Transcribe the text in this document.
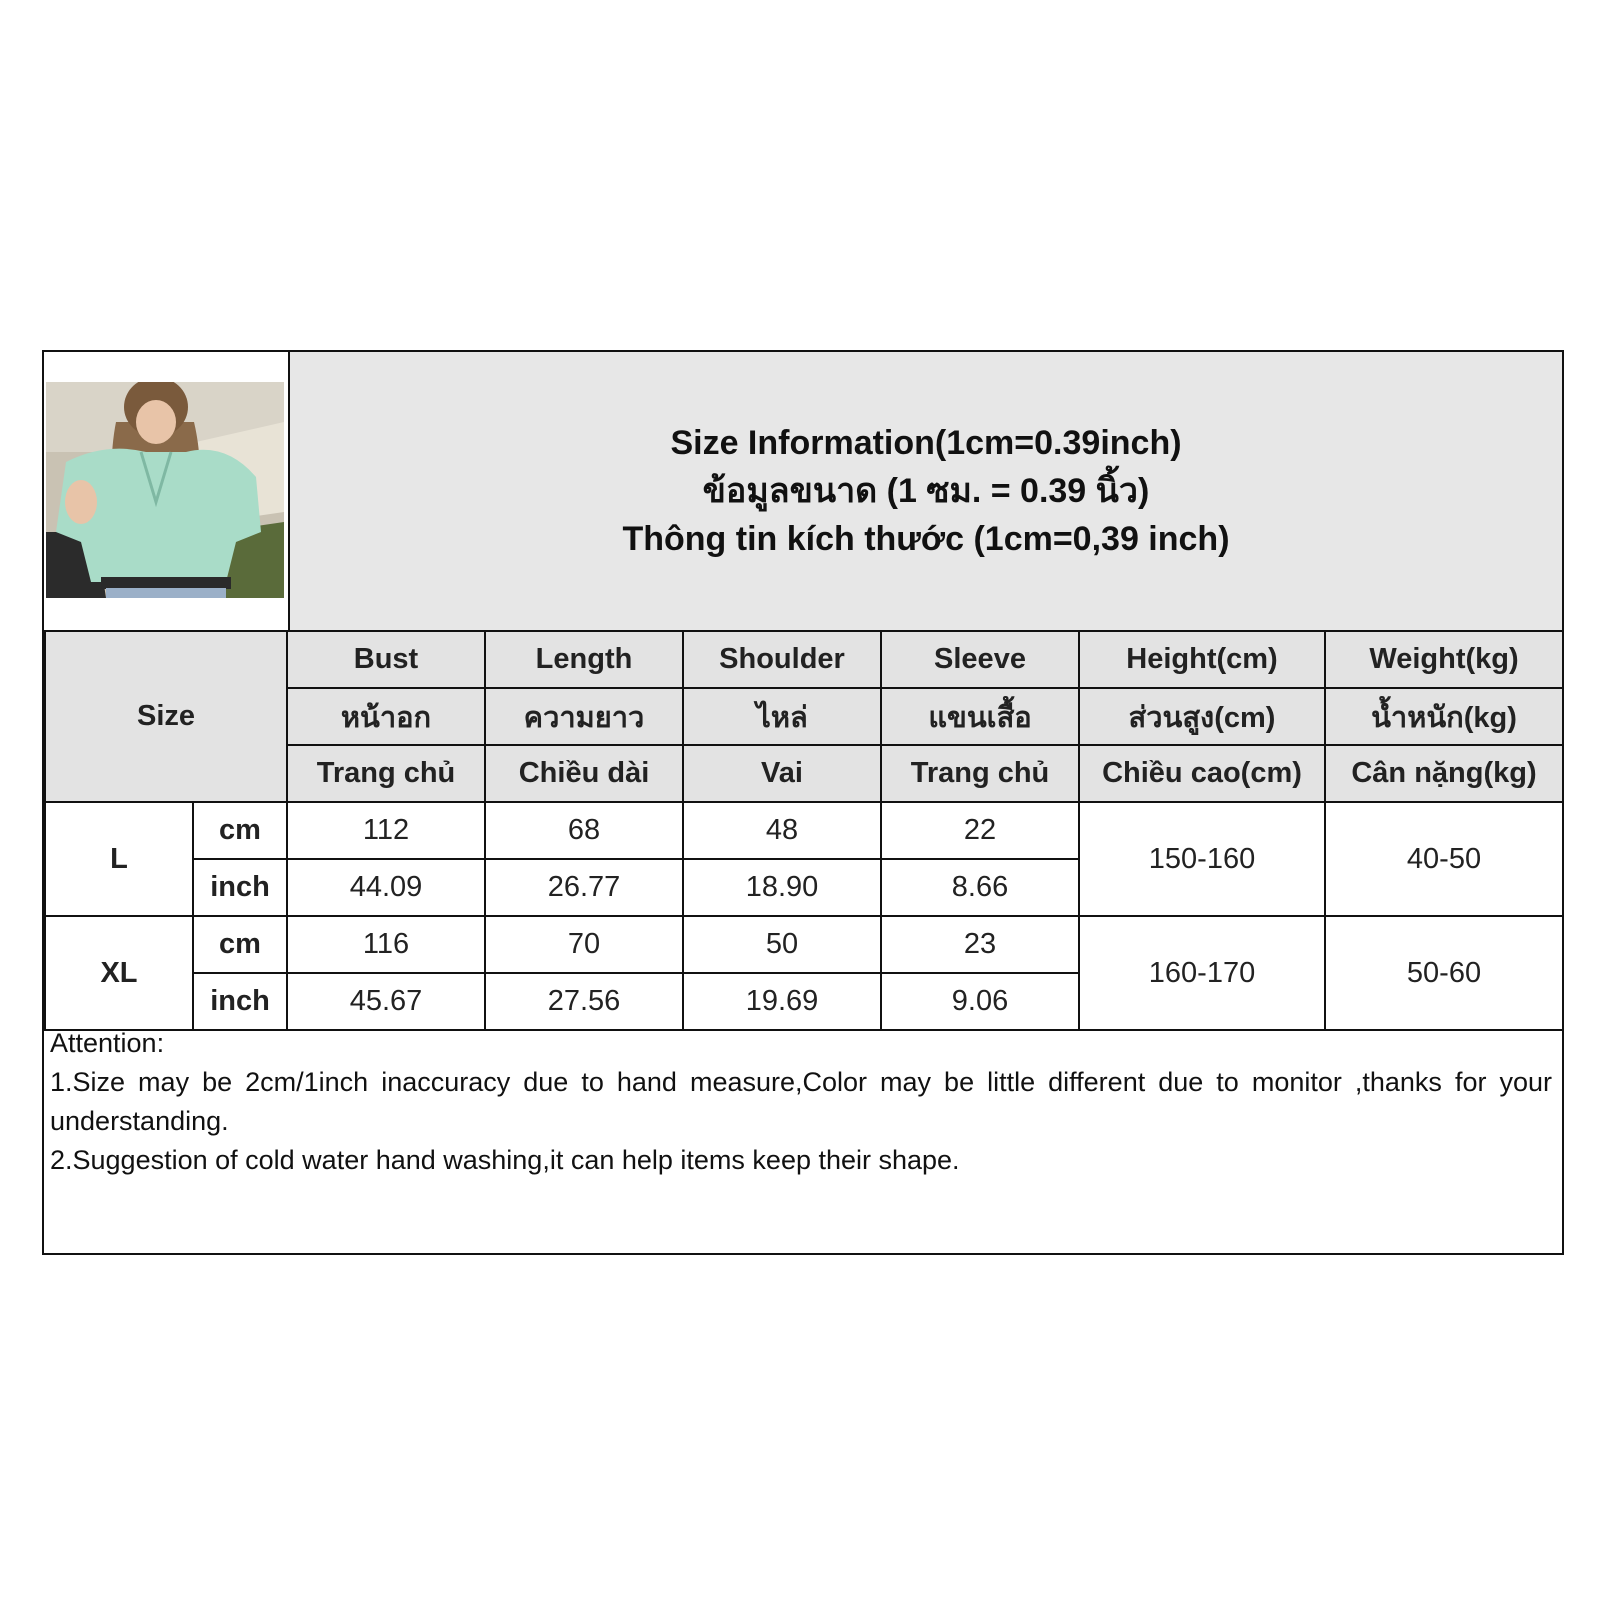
Size Information(1cm=0.39inch)
ข้อมูลขนาด (1 ซม. = 0.39 นิ้ว)
Thông tin kích thước (1cm=0,39 inch)
Size		Bust	Length	Shoulder	Sleeve	Height(cm)	Weight(kg)
		หน้าอก	ความยาว	ไหล่	แขนเสื้อ	ส่วนสูง(cm)	น้ำหนัก(kg)
		Trang chủ	Chiều dài	Vai	Trang chủ	Chiều cao(cm)	Cân nặng(kg)
L	cm	112	68	48	22	150-160	40-50
	inch	44.09	26.77	18.90	8.66		
XL	cm	116	70	50	23	160-170	50-60
	inch	45.67	27.56	19.69	9.06		
Attention:
1.Size may be 2cm/1inch inaccuracy due to hand measure,Color may be little different due to monitor ,thanks for your understanding.
2.Suggestion of cold water hand washing,it can help items keep their shape.
